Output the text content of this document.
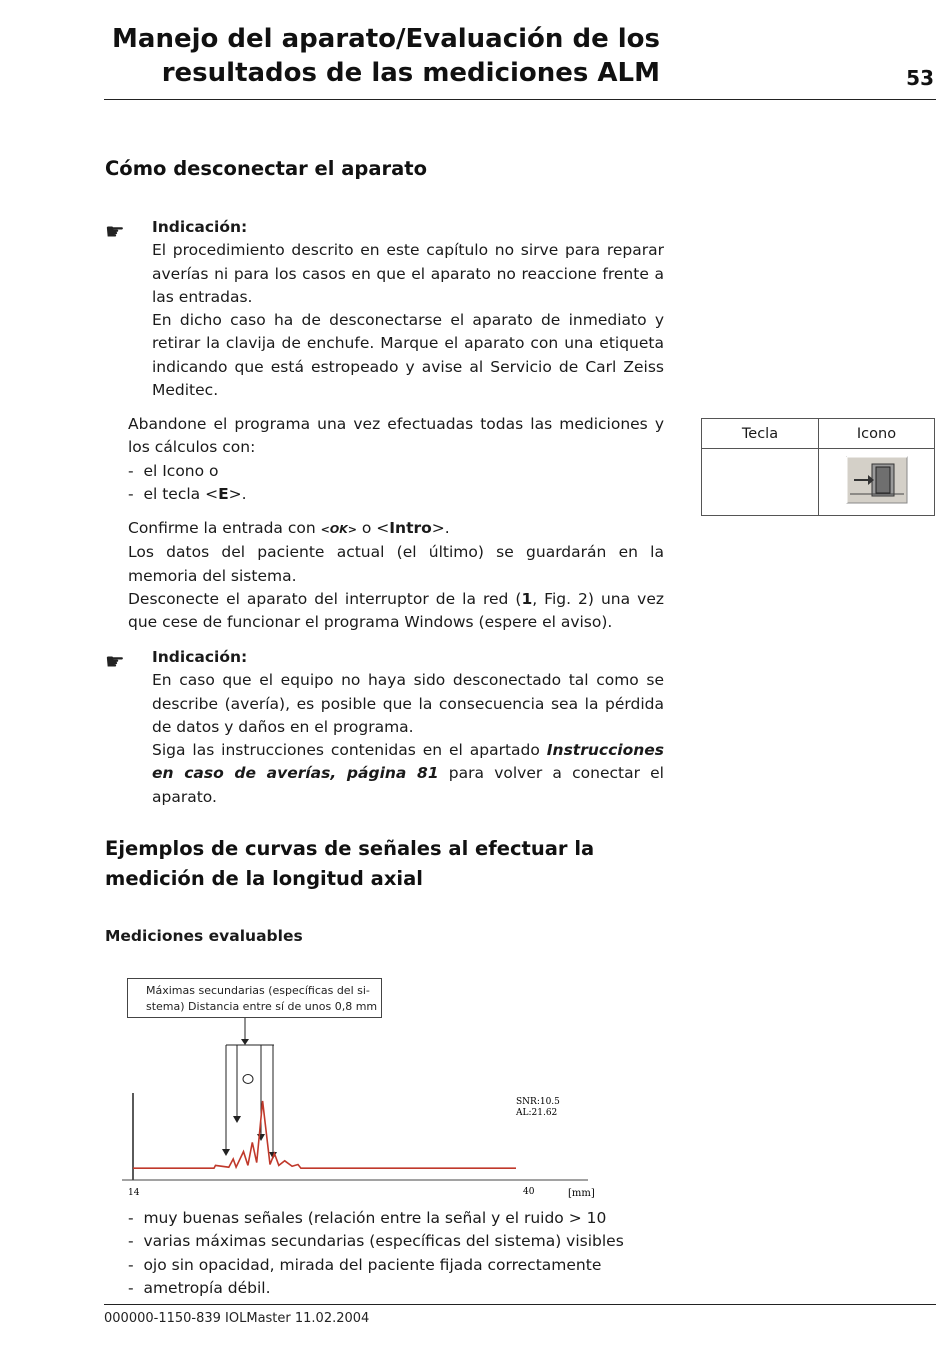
Manejo del aparato/Evaluación de los
resultados de las mediciones ALM	53
Cómo desconectar el aparato
☛ Indicación:
El procedimiento descrito en este capítulo no sirve para reparar averías ni para los casos en que el aparato no reaccione frente a las entradas.
En dicho caso ha de desconectarse el aparato de inmediato y retirar la clavija de enchufe. Marque el aparato con una etiqueta indicando que está estropeado y avise al Servicio de Carl Zeiss Meditec.

Abandone el programa una vez efectuadas todas las mediciones y los cálculos con:

-  el Icono o
-  el tecla <E>.

Confirme la entrada con <OK> o <Intro>.
Los datos del paciente actual (el último) se guardarán en la memoria del sistema.
Desconecte el aparato del interruptor de la red (1, Fig. 2) una vez que cese de funcionar el programa Windows (espere el aviso).

☛ Indicación:
En caso que el equipo no haya sido desconectado tal como se describe (avería), es posible que la consecuencia sea la pérdida de datos y daños en el programa.
Siga las instrucciones contenidas en el apartado Instrucciones en caso de averías, página 81 para volver a conectar el aparato.
Tecla	Icono

Ejemplos de curvas de señales al efectuar la
medición de la longitud axial
Mediciones evaluables
Máximas secundarias (específicas del si-
stema) Distancia entre sí de unos 0,8 mm
14	40	[mm]
SNR:10.5
AL:21.62
-  muy buenas señales (relación entre la señal y el ruido > 10
-  varias máximas secundarias (específicas del sistema) visibles
-  ojo sin opacidad, mirada del paciente fijada correctamente
-  ametropía débil.
000000-1150-839 IOLMaster 11.02.2004
